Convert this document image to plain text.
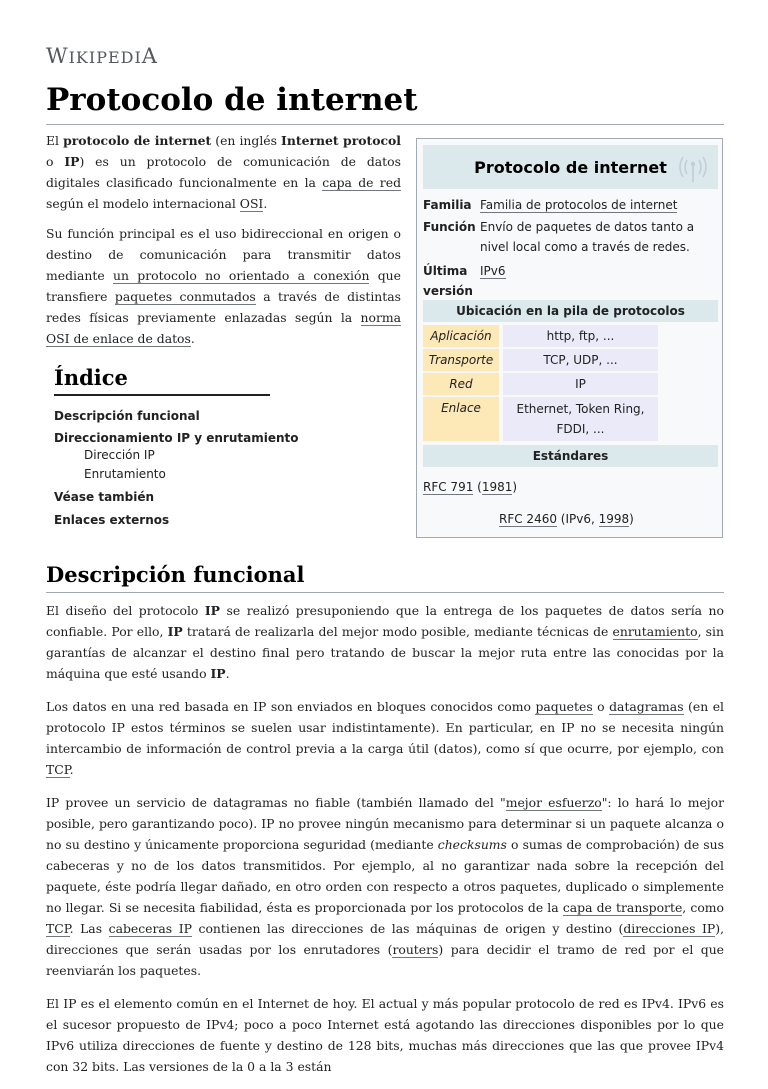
WIKIPEDIA
Protocolo de internet

El protocolo de internet (en inglés Internet protocol o IP) es un protocolo de comunicación de datos digitales clasificado funcionalmente en la capa de red según el modelo internacional OSI.

Su función principal es el uso bidireccional en origen o destino de comunicación para transmitir datos mediante un protocolo no orientado a conexión que transfiere paquetes conmutados a través de distintas redes físicas previamente enlazadas según la norma OSI de enlace de datos.

Protocolo de internet
Familia Familia de protocolos de internet
Función Envío de paquetes de datos tanto a nivel local como a través de redes.
Última versión
IPv6
Ubicación en la pila de protocolos
Aplicación	http, ftp, ...
Transporte	TCP, UDP, ...
Red	IP
Enlace	Ethernet, Token Ring, FDDI, ...
Estándares
RFC 791 (1981)
RFC 2460 (IPv6, 1998)
Índice
Descripción funcional
Direccionamiento IP y enrutamiento
Dirección IP
Enrutamiento
Véase también
Enlaces externos
Descripción funcional

El diseño del protocolo IP se realizó presuponiendo que la entrega de los paquetes de datos sería no confiable. Por ello, IP tratará de realizarla del mejor modo posible, mediante técnicas de enrutamiento, sin garantías de alcanzar el destino final pero tratando de buscar la mejor ruta entre las conocidas por la máquina que esté usando IP.

Los datos en una red basada en IP son enviados en bloques conocidos como paquetes o datagramas (en el protocolo IP estos términos se suelen usar indistintamente). En particular, en IP no se necesita ningún intercambio de información de control previa a la carga útil (datos), como sí que ocurre, por ejemplo, con TCP.

IP provee un servicio de datagramas no fiable (también llamado del "mejor esfuerzo": lo hará lo mejor posible, pero garantizando poco). IP no provee ningún mecanismo para determinar si un paquete alcanza o no su destino y únicamente proporciona seguridad (mediante checksums o sumas de comprobación) de sus cabeceras y no de los datos transmitidos. Por ejemplo, al no garantizar nada sobre la recepción del paquete, éste podría llegar dañado, en otro orden con respecto a otros paquetes, duplicado o simplemente no llegar. Si se necesita fiabilidad, ésta es proporcionada por los protocolos de la capa de transporte, como TCP. Las cabeceras IP contienen las direcciones de las máquinas de origen y destino (direcciones IP), direcciones que serán usadas por los enrutadores (routers) para decidir el tramo de red por el que reenviarán los paquetes.

El IP es el elemento común en el Internet de hoy. El actual y más popular protocolo de red es IPv4. IPv6 es el sucesor propuesto de IPv4; poco a poco Internet está agotando las direcciones disponibles por lo que IPv6 utiliza direcciones de fuente y destino de 128 bits, muchas más direcciones que las que provee IPv4 con 32 bits. Las versiones de la 0 a la 3 están
